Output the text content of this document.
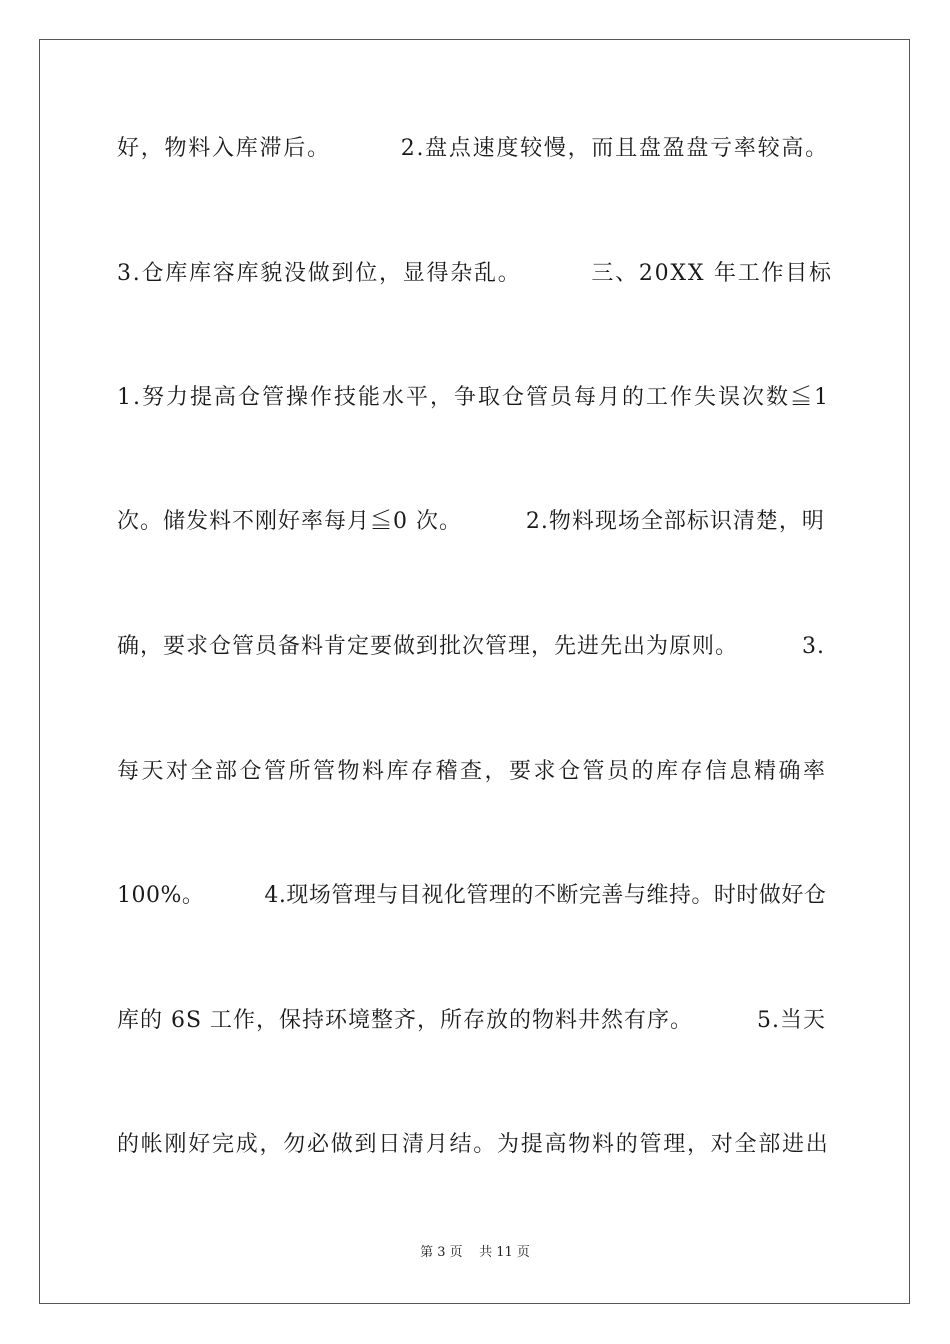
好，物料入库滞后。        2.盘点速度较慢，而且盘盈盘亏率较高。
3.仓库库容库貌没做到位，显得杂乱。        三、20XX 年工作目标
1.努力提高仓管操作技能水平，争取仓管员每月的工作失误次数≦1
次。储发料不刚好率每月≦0 次。        2.物料现场全部标识清楚，明
确，要求仓管员备料肯定要做到批次管理，先进先出为原则。        3.
每天对全部仓管所管物料库存稽查，要求仓管员的库存信息精确率
100%。        4.现场管理与目视化管理的不断完善与维持。时时做好仓
库的 6S 工作，保持环境整齐，所存放的物料井然有序。        5.当天
的帐刚好完成，勿必做到日清月结。为提高物料的管理，对全部进出
第 3 页    共 11 页
